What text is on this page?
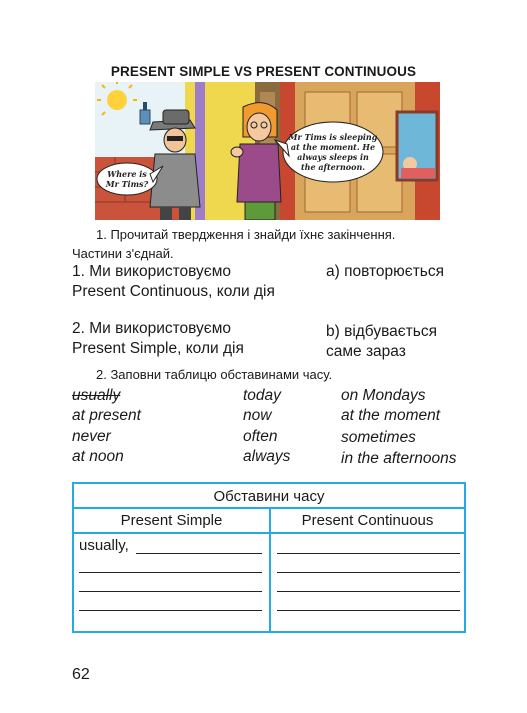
PRESENT SIMPLE VS PRESENT CONTINUOUS
Where is
Mr Tims?
Mr Tims is sleeping
at the moment. He
always sleeps in
the afternoon.
1. Прочитай твердження і знайди їхнє закінчення.
Частини з'єднай.
1. Ми використовуємо
Present Continuous, коли дія
a) повторюється
2. Ми використовуємо
Present Simple, коли дія
b) відбувається
саме зараз
2. Заповни таблицю обставинами часу.
usually
at present
never
at noon
today
now
often
always
on Mondays
at the moment
sometimes
in the afternoons
Обставини часу
Present Simple	Present Continuous
usually,
62
